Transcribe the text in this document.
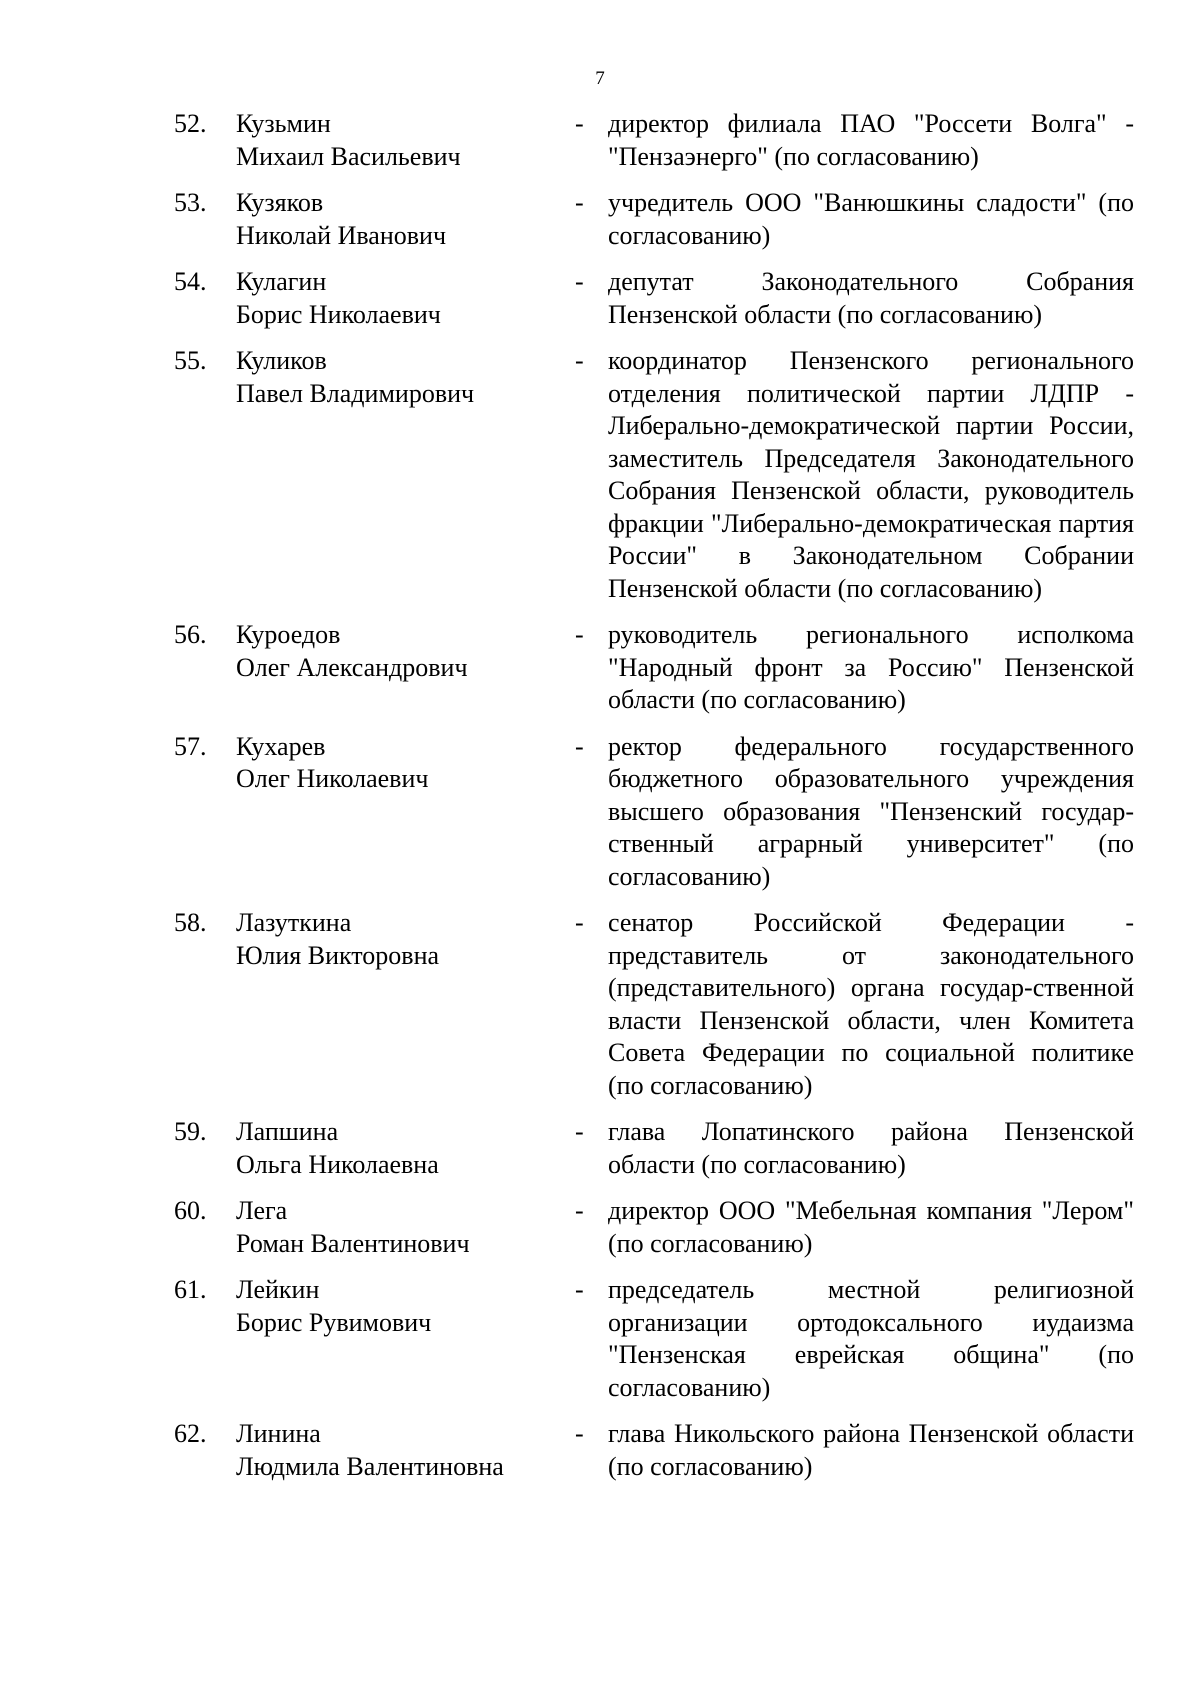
7
52. Кузьмин
Михаил Васильевич
- директор филиала ПАО "Россети Волга" - "Пензаэнерго" (по согласованию)
53. Кузяков
Николай Иванович
- учредитель ООО "Ванюшкины сладости" (по согласованию)
54. Кулагин
Борис Николаевич
- депутат Законодательного Собрания Пензенской области (по согласованию)
55. Куликов
Павел Владимирович
- координатор Пензенского регионального отделения политической партии ЛДПР - Либерально-демократической партии России, заместитель Председателя Законодательного Собрания Пензенской области, руководитель фракции "Либерально-демократическая партия России" в Законодательном Собрании Пензенской области (по согласованию)
56. Куроедов
Олег Александрович
- руководитель регионального исполкома "Народный фронт за Россию" Пензенской области (по согласованию)
57. Кухарев
Олег Николаевич
- ректор федерального государственного бюджетного образовательного учреждения высшего образования "Пензенский государ-ственный аграрный университет" (по согласованию)
58. Лазуткина
Юлия Викторовна
- сенатор Российской Федерации - представитель от законодательного (представительного) органа государ-ственной власти Пензенской области, член Комитета Совета Федерации по социальной политике (по согласованию)
59. Лапшина
Ольга Николаевна
- глава Лопатинского района Пензенской области (по согласованию)
60. Лега
Роман Валентинович
- директор ООО "Мебельная компания "Лером" (по согласованию)
61. Лейкин
Борис Рувимович
- председатель местной религиозной организации ортодоксального иудаизма "Пензенская еврейская община" (по согласованию)
62. Линина
Людмила Валентиновна
- глава Никольского района Пензенской области (по согласованию)
